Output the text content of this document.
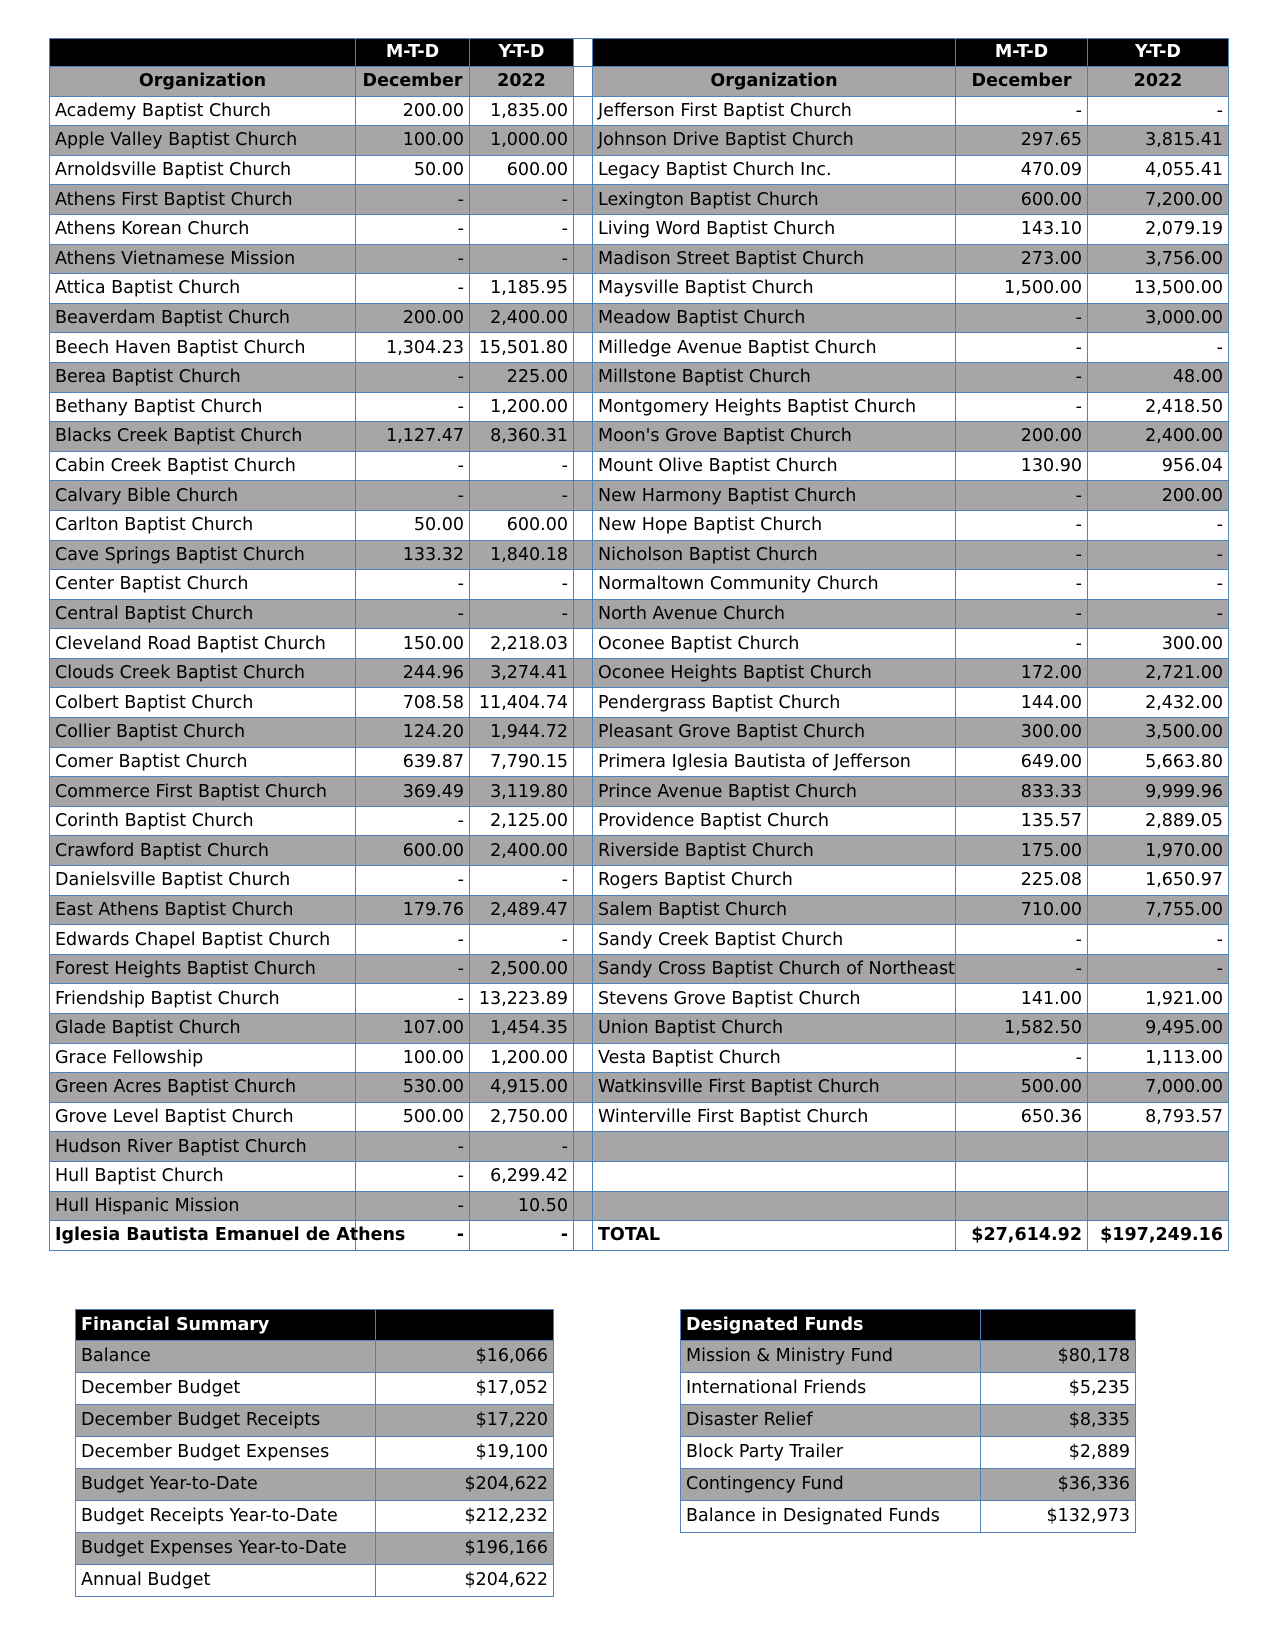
	M-T-D	Y-T-D			M-T-D	Y-T-D
Organization	December	2022		Organization	December	2022
Academy Baptist Church	200.00	1,835.00		Jefferson First Baptist Church	-	-
Apple Valley Baptist Church	100.00	1,000.00		Johnson Drive Baptist Church	297.65	3,815.41
Arnoldsville Baptist Church	50.00	600.00		Legacy Baptist Church Inc.	470.09	4,055.41
Athens First Baptist Church	-	-		Lexington Baptist Church	600.00	7,200.00
Athens Korean Church	-	-		Living Word Baptist Church	143.10	2,079.19
Athens Vietnamese Mission	-	-		Madison Street Baptist Church	273.00	3,756.00
Attica Baptist Church	-	1,185.95		Maysville Baptist Church	1,500.00	13,500.00
Beaverdam Baptist Church	200.00	2,400.00		Meadow Baptist Church	-	3,000.00
Beech Haven Baptist Church	1,304.23	15,501.80		Milledge Avenue Baptist Church	-	-
Berea Baptist Church	-	225.00		Millstone Baptist Church	-	48.00
Bethany Baptist Church	-	1,200.00		Montgomery Heights Baptist Church	-	2,418.50
Blacks Creek Baptist Church	1,127.47	8,360.31		Moon's Grove Baptist Church	200.00	2,400.00
Cabin Creek Baptist Church	-	-		Mount Olive Baptist Church	130.90	956.04
Calvary Bible Church	-	-		New Harmony Baptist Church	-	200.00
Carlton Baptist Church	50.00	600.00		New Hope Baptist Church	-	-
Cave Springs Baptist Church	133.32	1,840.18		Nicholson Baptist Church	-	-
Center Baptist Church	-	-		Normaltown Community Church	-	-
Central Baptist Church	-	-		North Avenue Church	-	-
Cleveland Road Baptist Church	150.00	2,218.03		Oconee Baptist Church	-	300.00
Clouds Creek Baptist Church	244.96	3,274.41		Oconee Heights Baptist Church	172.00	2,721.00
Colbert Baptist Church	708.58	11,404.74		Pendergrass Baptist Church	144.00	2,432.00
Collier Baptist Church	124.20	1,944.72		Pleasant Grove Baptist Church	300.00	3,500.00
Comer Baptist Church	639.87	7,790.15		Primera Iglesia Bautista of Jefferson	649.00	5,663.80
Commerce First Baptist Church	369.49	3,119.80		Prince Avenue Baptist Church	833.33	9,999.96
Corinth Baptist Church	-	2,125.00		Providence Baptist Church	135.57	2,889.05
Crawford Baptist Church	600.00	2,400.00		Riverside Baptist Church	175.00	1,970.00
Danielsville Baptist Church	-	-		Rogers Baptist Church	225.08	1,650.97
East Athens Baptist Church	179.76	2,489.47		Salem Baptist Church	710.00	7,755.00
Edwards Chapel Baptist Church	-	-		Sandy Creek Baptist Church	-	-
Forest Heights Baptist Church	-	2,500.00		Sandy Cross Baptist Church of Northeast	-	-
Friendship Baptist Church	-	13,223.89		Stevens Grove Baptist Church	141.00	1,921.00
Glade Baptist Church	107.00	1,454.35		Union Baptist Church	1,582.50	9,495.00
Grace Fellowship	100.00	1,200.00		Vesta Baptist Church	-	1,113.00
Green Acres Baptist Church	530.00	4,915.00		Watkinsville First Baptist Church	500.00	7,000.00
Grove Level Baptist Church	500.00	2,750.00		Winterville First Baptist Church	650.36	8,793.57
Hudson River Baptist Church	-	-				
Hull Baptist Church	-	6,299.42				
Hull Hispanic Mission	-	10.50				
Iglesia Bautista Emanuel de Athens	-	-		TOTAL	$27,614.92	$197,249.16
Financial Summary	
Balance	$16,066
December Budget	$17,052
December Budget Receipts	$17,220
December Budget Expenses	$19,100
Budget Year-to-Date	$204,622
Budget Receipts Year-to-Date	$212,232
Budget Expenses Year-to-Date	$196,166
Annual Budget	$204,622
Designated Funds	
Mission & Ministry Fund	$80,178
International Friends	$5,235
Disaster Relief	$8,335
Block Party Trailer	$2,889
Contingency Fund	$36,336
Balance in Designated Funds	$132,973
